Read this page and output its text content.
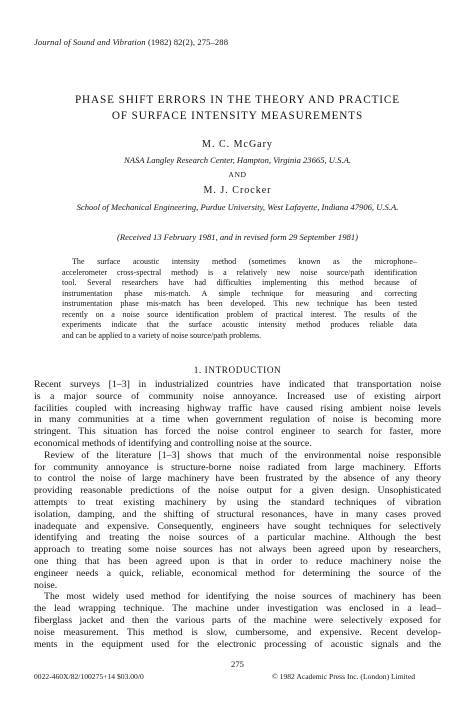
Journal of Sound and Vibration (1982) 82(2), 275–288
PHASE SHIFT ERRORS IN THE THEORY AND PRACTICE
OF SURFACE INTENSITY MEASUREMENTS
M. C. McGary
NASA Langley Research Center, Hampton, Virginia 23665, U.S.A.
AND
M. J. Crocker
School of Mechanical Engineering, Purdue University, West Lafayette, Indiana 47906, U.S.A.
(Received 13 February 1981, and in revised form 29 September 1981)
The surface acoustic intensity method (sometimes known as the microphone–
accelerometer cross-spectral method) is a relatively new noise source/path identification
tool. Several researchers have had difficulties implementing this method because of
instrumentation phase mis-match. A simple technique for measuring and correcting
instrumentation phase mis-match has been developed. This new technique has been tested
recently on a noise source identification problem of practical interest. The results of the
experiments indicate that the surface acoustic intensity method produces reliable data
and can be applied to a variety of noise source/path problems.
1. INTRODUCTION
Recent surveys [1–3] in industrialized countries have indicated that transportation noise
is a major source of community noise annoyance. Increased use of existing airport
facilities coupled with increasing highway traffic have caused rising ambient noise levels
in many communities at a time when government regulation of noise is becoming more
stringent. This situation has forced the noise control engineer to search for faster, more
economical methods of identifying and controlling noise at the source.
Review of the literature [1–3] shows that much of the environmental noise responsible
for community annoyance is structure-borne noise radiated from large machinery. Efforts
to control the noise of large machinery have been frustrated by the absence of any theory
providing reasonable predictions of the noise output for a given design. Unsophisticated
attempts to treat existing machinery by using the standard techniques of vibration
isolation, damping, and the shifting of structural resonances, have in many cases proved
inadequate and expensive. Consequently, engineers have sought techniques for selectively
identifying and treating the noise sources of a particular machine. Although the best
approach to treating some noise sources has not always been agreed upon by researchers,
one thing that has been agreed upon is that in order to reduce machinery noise the
engineer needs a quick, reliable, economical method for determining the source of the
noise.
The most widely used method for identifying the noise sources of machinery has been
the lead wrapping technique. The machine under investigation was enclosed in a lead–
fiberglass jacket and then the various parts of the machine were selectively exposed for
noise measurement. This method is slow, cumbersome, and expensive. Recent develop-
ments in the equipment used for the electronic processing of acoustic signals and the
275
0022-460X/82/100275+14 $03.00/0	© 1982 Academic Press Inc. (London) Limited
